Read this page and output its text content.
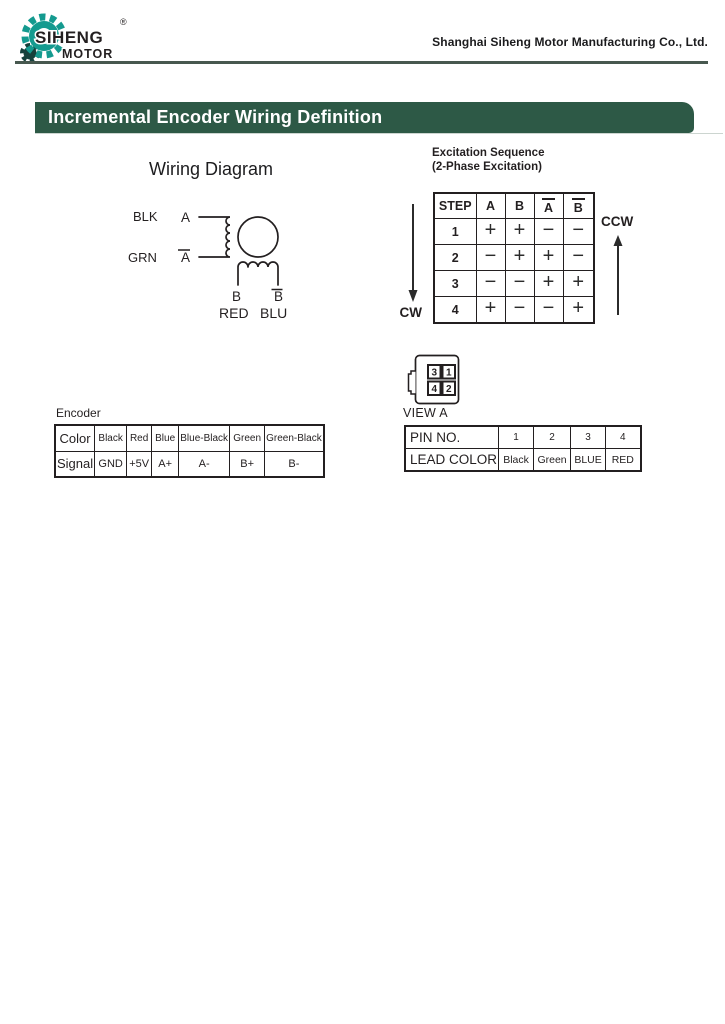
SIHENG
MOTOR
®
Shanghai Siheng Motor Manufacturing Co., Ltd.
Incremental Encoder Wiring Definition
Wiring Diagram
BLK A
GRN A
B B
RED BLU
Excitation Sequence
(2-Phase Excitation)
STEP	A	B	A	B
1	+	+	−	−
2	−	+	+	−
3	−	−	+	+
4	+	−	−	+
CW
CCW
3 1
4 2
VIEW A
PIN NO.	1	2	3	4
LEAD COLOR	Black	Green	BLUE	RED
Encoder
Color	Black	Red	Blue	Blue-Black	Green	Green-Black
Signal	GND	+5V	A+	A-	B+	B-
